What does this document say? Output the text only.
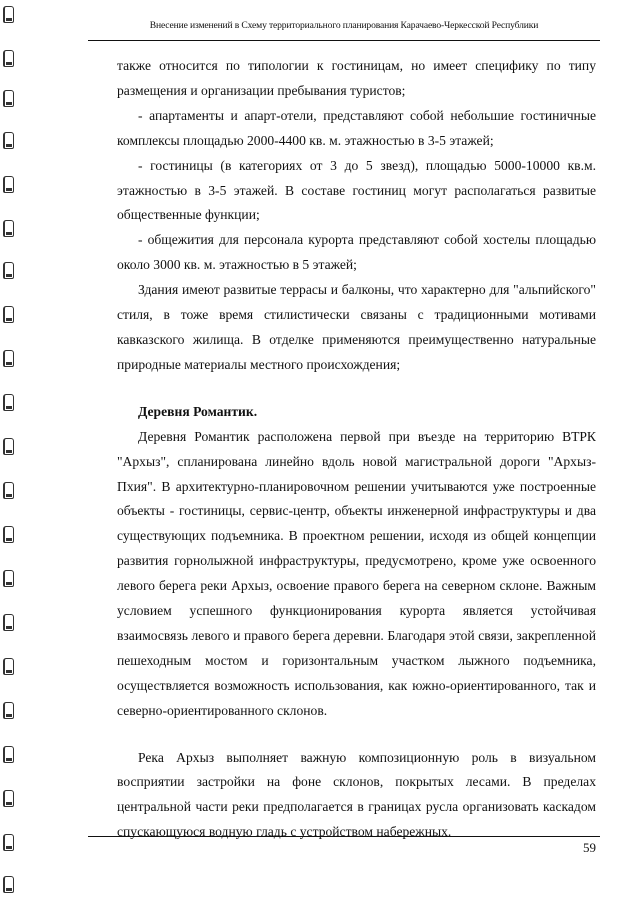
Внесение изменений в Схему территориального планирования Карачаево-Черкесской Республики

также относится по типологии к гостиницам, но имеет специфику по типу размещения и организации пребывания туристов;

- апартаменты и апарт-отели, представляют собой небольшие гостиничные комплексы площадью 2000-4400 кв. м. этажностью в 3-5 этажей;

- гостиницы (в категориях от 3 до 5 звезд), площадью 5000-10000 кв.м. этажностью в 3-5 этажей. В составе гостиниц могут располагаться развитые общественные функции;

- общежития для персонала курорта представляют собой хостелы площадью около 3000 кв. м. этажностью в 5 этажей;

Здания имеют развитые террасы и балконы, что характерно для "альпийского" стиля, в тоже время стилистически связаны с традиционными мотивами кавказского жилища. В отделке применяются преимущественно натуральные природные материалы местного происхождения;

Деревня Романтик.

Деревня Романтик расположена первой при въезде на территорию ВТРК "Архыз", спланирована линейно вдоль новой магистральной дороги "Архыз-Пхия". В архитектурно-планировочном решении учитываются уже построенные объекты - гостиницы, сервис-центр, объекты инженерной инфраструктуры и два существующих подъемника. В проектном решении, исходя из общей концепции развития горнолыжной инфраструктуры, предусмотрено, кроме уже освоенного левого берега реки Архыз, освоение правого берега на северном склоне. Важным условием успешного функционирования курорта является устойчивая взаимосвязь левого и правого берега деревни. Благодаря этой связи, закрепленной пешеходным мостом и горизонтальным участком лыжного подъемника, осуществляется возможность использования, как южно-ориентированного, так и северно-ориентированного склонов.

Река Архыз выполняет важную композиционную роль в визуальном восприятии застройки на фоне склонов, покрытых лесами. В пределах центральной части реки предполагается в границах русла организовать каскадом спускающуюся водную гладь с устройством набережных.

59
